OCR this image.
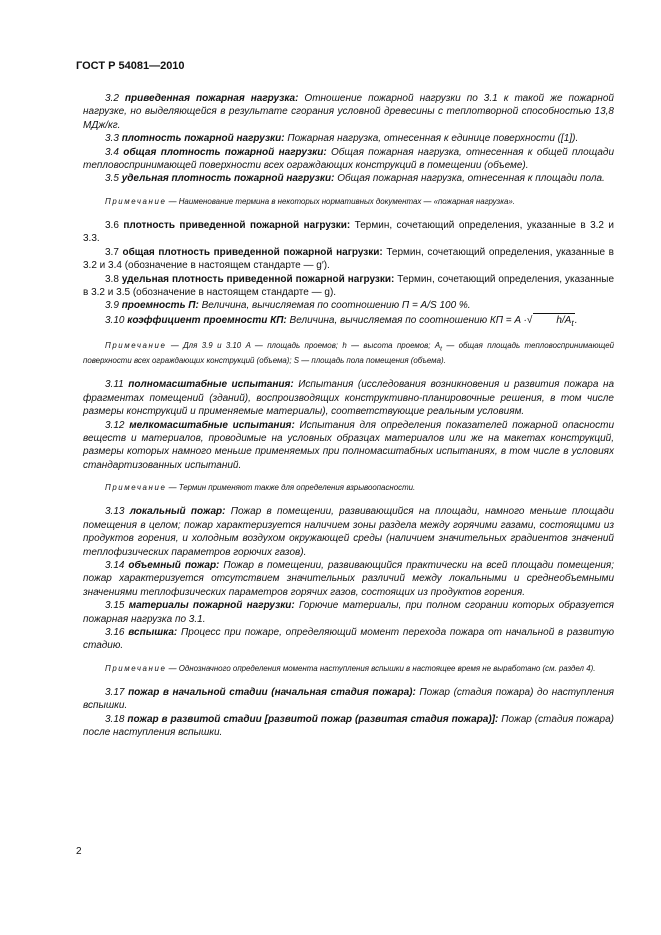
ГОСТ Р 54081—2010

3.2 приведенная пожарная нагрузка: Отношение пожарной нагрузки по 3.1 к такой же пожарной нагрузке, но выделяющейся в результате сгорания условной древесины с теплотворной способностью 13,8 МДж/кг.

3.3 плотность пожарной нагрузки: Пожарная нагрузка, отнесенная к единице поверхности ([1]).

3.4 общая плотность пожарной нагрузки: Общая пожарная нагрузка, отнесенная к общей площади тепловоспринимающей поверхности всех ограждающих конструкций в помещении (объеме).

3.5 удельная плотность пожарной нагрузки: Общая пожарная нагрузка, отнесенная к площади пола.

Примечание — Наименование термина в некоторых нормативных документах — «пожарная нагрузка».

3.6 плотность приведенной пожарной нагрузки: Термин, сочетающий определения, указанные в 3.2 и 3.3.

3.7 общая плотность приведенной пожарной нагрузки: Термин, сочетающий определения, указанные в 3.2 и 3.4 (обозначение в настоящем стандарте — g′).

3.8 удельная плотность приведенной пожарной нагрузки: Термин, сочетающий определения, указанные в 3.2 и 3.5 (обозначение в настоящем стандарте — g).

3.9 проемность П: Величина, вычисляемая по соотношению П = A/S 100 %.

3.10 коэффициент проемности КП: Величина, вычисляемая по соотношению КП = A ·√ $h/A_t$.

Примечание — Для 3.9 и 3.10 A — площадь проемов; h — высота проемов; $A_t$ — общая площадь тепловоспринимающей поверхности всех ограждающих конструкций (объема); S — площадь пола помещения (объема).

3.11 полномасштабные испытания: Испытания (исследования возникновения и развития пожара на фрагментах помещений (зданий), воспроизводящих конструктивно-планировочные решения, в том числе размеры конструкций и применяемые материалы), соответствующие реальным условиям.

3.12 мелкомасштабные испытания: Испытания для определения показателей пожарной опасности веществ и материалов, проводимые на условных образцах материалов или же на макетах конструкций, размеры которых намного меньше применяемых при полномасштабных испытаниях, в том числе в условиях стандартизованных испытаний.

Примечание — Термин применяют также для определения взрывоопасности.

3.13 локальный пожар: Пожар в помещении, развивающийся на площади, намного меньше площади помещения в целом; пожар характеризуется наличием зоны раздела между горячими газами, состоящими из продуктов горения, и холодным воздухом окружающей среды (наличием значительных градиентов значений теплофизических параметров горючих газов).

3.14 объемный пожар: Пожар в помещении, развивающийся практически на всей площади помещения; пожар характеризуется отсутствием значительных различий между локальными и среднеобъемными значениями теплофизических параметров горячих газов, состоящих из продуктов горения.

3.15 материалы пожарной нагрузки: Горючие материалы, при полном сгорании которых образуется пожарная нагрузка по 3.1.

3.16 вспышка: Процесс при пожаре, определяющий момент перехода пожара от начальной в развитую стадию.

Примечание — Однозначного определения момента наступления вспышки в настоящее время не выработано (см. раздел 4).

3.17 пожар в начальной стадии (начальная стадия пожара): Пожар (стадия пожара) до наступления вспышки.

3.18 пожар в развитой стадии [развитой пожар (развитая стадия пожара)]: Пожар (стадия пожара) после наступления вспышки.

2
